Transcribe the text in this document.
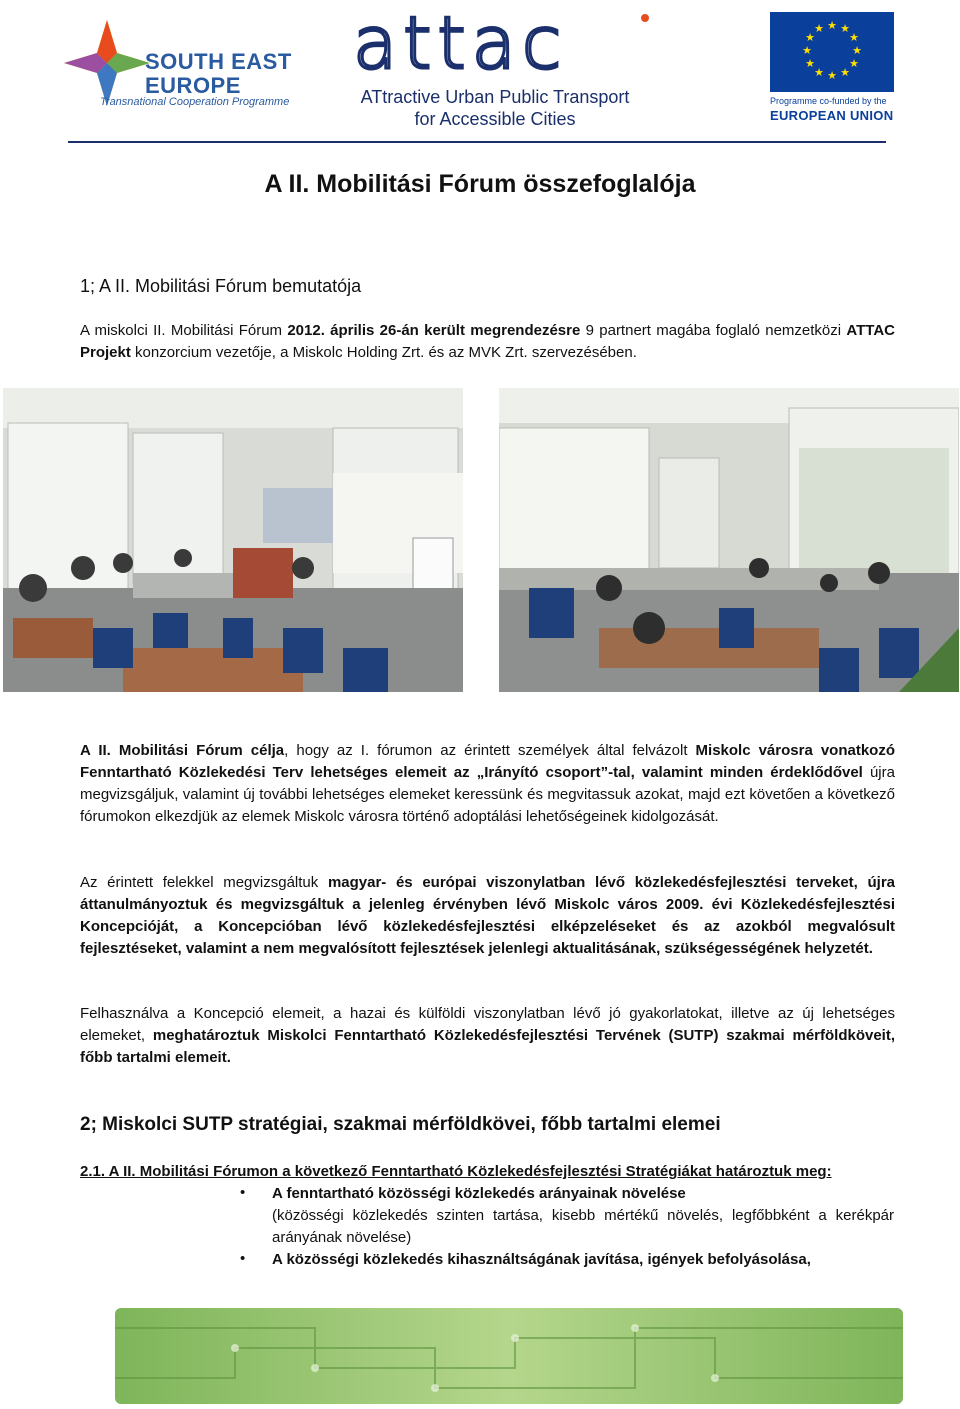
SOUTH EAST
EUROPE
Transnational Cooperation Programme
attac
ATtractive Urban Public Transport
for Accessible Cities
★ ★
★
★
★
★
★
★
★
★
★
★
Programme co-funded by the
EUROPEAN UNION
A II. Mobilitási Fórum összefoglalója
1; A II. Mobilitási Fórum bemutatója
A miskolci II. Mobilitási Fórum 2012. április 26-án került megrendezésre 9 partnert magába foglaló nemzetközi ATTAC Projekt konzorcium vezetője, a Miskolc Holding Zrt. és az MVK Zrt. szervezésében.
A II. Mobilitási Fórum célja, hogy az I. fórumon az érintett személyek által felvázolt Miskolc városra vonatkozó Fenntartható Közlekedési Terv lehetséges elemeit az „Irányító csoport”-tal, valamint minden érdeklődővel újra megvizsgáljuk, valamint új további lehetséges elemeket keressünk és megvitassuk azokat, majd ezt követően a következő fórumokon elkezdjük az elemek Miskolc városra történő adoptálási lehetőségeinek kidolgozását.
Az érintett felekkel megvizsgáltuk magyar- és európai viszonylatban lévő közlekedésfejlesztési terveket, újra áttanulmányoztuk és megvizsgáltuk a jelenleg érvényben lévő Miskolc város 2009. évi Közlekedésfejlesztési Koncepcióját, a Koncepcióban lévő közlekedésfejlesztési elképzeléseket és az azokból megvalósult fejlesztéseket, valamint a nem megvalósított fejlesztések jelenlegi aktualitásának, szükségességének helyzetét.
Felhasználva a Koncepció elemeit, a hazai és külföldi viszonylatban lévő jó gyakorlatokat, illetve az új lehetséges elemeket, meghatároztuk Miskolci Fenntartható Közlekedésfejlesztési Tervének (SUTP) szakmai mérföldköveit, főbb tartalmi elemeit.
2; Miskolci SUTP stratégiai, szakmai mérföldkövei, főbb tartalmi elemei
2.1. A II. Mobilitási Fórumon a következő Fenntartható Közlekedésfejlesztési Stratégiákat határoztuk meg:
• A fenntartható közösségi közlekedés arányainak növelése
(közösségi közlekedés szinten tartása, kisebb mértékű növelés, legfőbbként a kerékpár arányának növelése)
• A közösségi közlekedés kihasználtságának javítása, igények befolyásolása,
